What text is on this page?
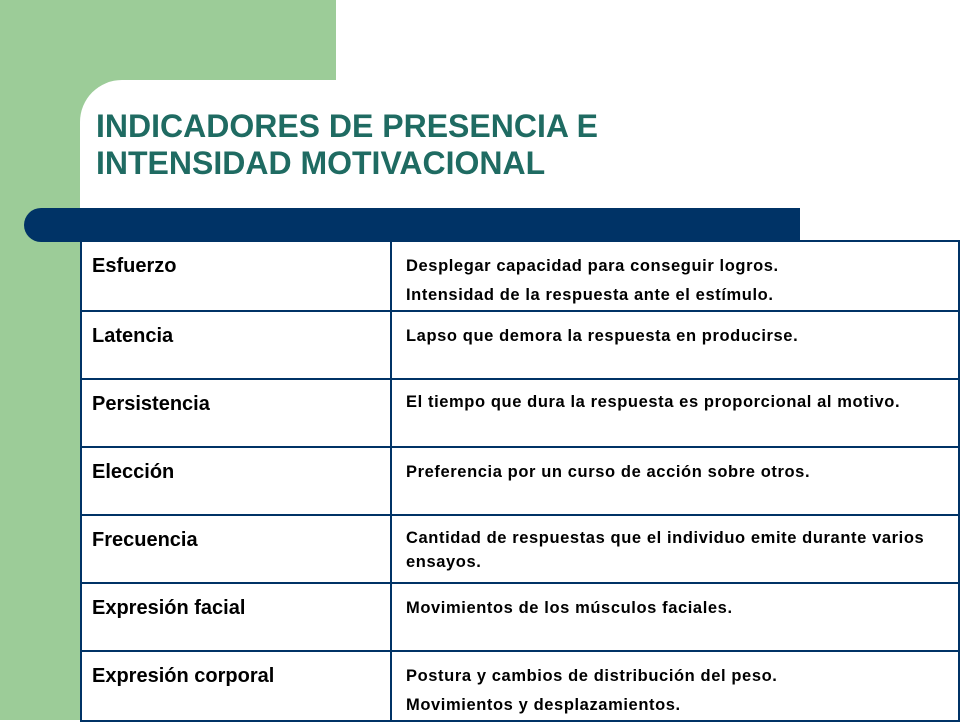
INDICADORES DE PRESENCIA E
INTENSIDAD MOTIVACIONAL
Esfuerzo	Desplegar capacidad para conseguir logros.
Intensidad de la respuesta ante el estímulo.

Latencia	Lapso que demora la respuesta en producirse.

Persistencia	El tiempo que dura la respuesta es proporcional al motivo.

Elección	Preferencia por un curso de acción sobre otros.

Frecuencia	Cantidad de respuestas que el individuo emite durante varios ensayos.

Expresión facial	Movimientos de los músculos faciales.

Expresión corporal	Postura y cambios de distribución del peso.
Movimientos y desplazamientos.
